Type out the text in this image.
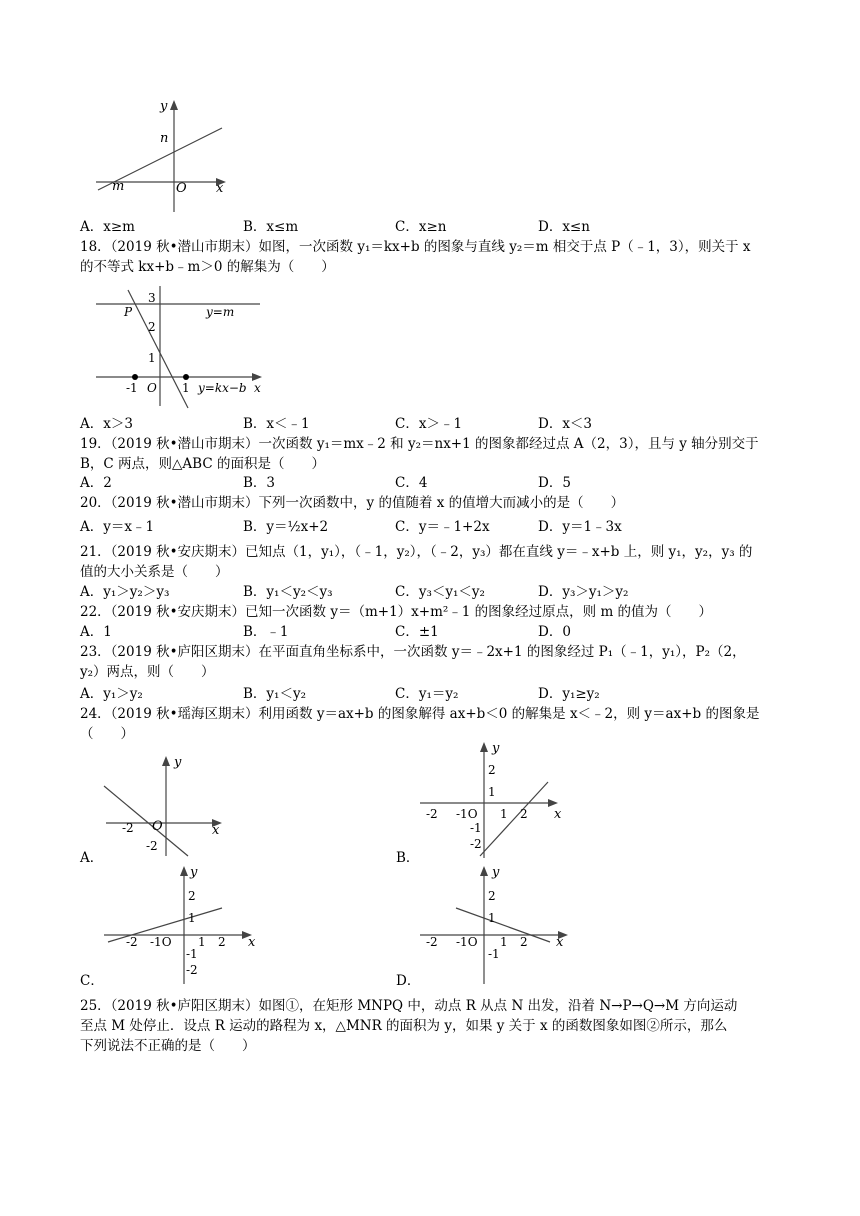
y
n
m	O x
A．x≥m	B．x≤m	C．x≥n	D．x≤n
18．（2019 秋•潜山市期末）如图，一次函数 y₁＝kx+b 的图象与直线 y₂＝m 相交于点 P（﹣1，3），则关于 x
的不等式 kx+b﹣m＞0 的解集为（　　）
3
P	y=m
2
1
-1 O 1 y=kx−b x
A．x＞3	B．x＜﹣1	C．x＞﹣1	D．x＜3
19．（2019 秋•潜山市期末）一次函数 y₁＝mx﹣2 和 y₂＝nx+1 的图象都经过点 A（2，3），且与 y 轴分别交于
B，C 两点，则△ABC 的面积是（　　）
A．2	B．3	C．4	D．5
20．（2019 秋•潜山市期末）下列一次函数中，y 的值随着 x 的值增大而减小的是（　　）
A．y＝x﹣1	B．y＝½x+2	C．y＝﹣1+2x	D．y＝1﹣3x
21．（2019 秋•安庆期末）已知点（1，y₁），（﹣1，y₂），（﹣2，y₃）都在直线 y＝﹣x+b 上，则 y₁，y₂，y₃ 的
值的大小关系是（　　）
A．y₁＞y₂＞y₃	B．y₁＜y₂＜y₃	C．y₃＜y₁＜y₂	D．y₃＞y₁＞y₂
22．（2019 秋•安庆期末）已知一次函数 y＝（m+1）x+m²﹣1 的图象经过原点，则 m 的值为（　　）
A．1	B．﹣1	C．±1	D．0
23．（2019 秋•庐阳区期末）在平面直角坐标系中，一次函数 y＝﹣2x+1 的图象经过 P₁（﹣1，y₁），P₂（2，
y₂）两点，则（　　）
A．y₁＞y₂	B．y₁＜y₂	C．y₁＝y₂	D．y₁≥y₂
24．（2019 秋•瑶海区期末）利用函数 y＝ax+b 的图象解得 ax+b＜0 的解集是 x＜﹣2，则 y＝ax+b 的图象是
（　　）
y
-2 O	x
-2
A．
y
2
1
-2 -1O 1 2 x
-1
-2
B．
y
2
1
-2 -1O 1 2 x
-1
-2
C．
y
2
1
-2 -1O 1 2 x
-1
D．
25．（2019 秋•庐阳区期末）如图①，在矩形 MNPQ 中，动点 R 从点 N 出发，沿着 N→P→Q→M 方向运动
至点 M 处停止．设点 R 运动的路程为 x，△MNR 的面积为 y，如果 y 关于 x 的函数图象如图②所示，那么
下列说法不正确的是（　　）
